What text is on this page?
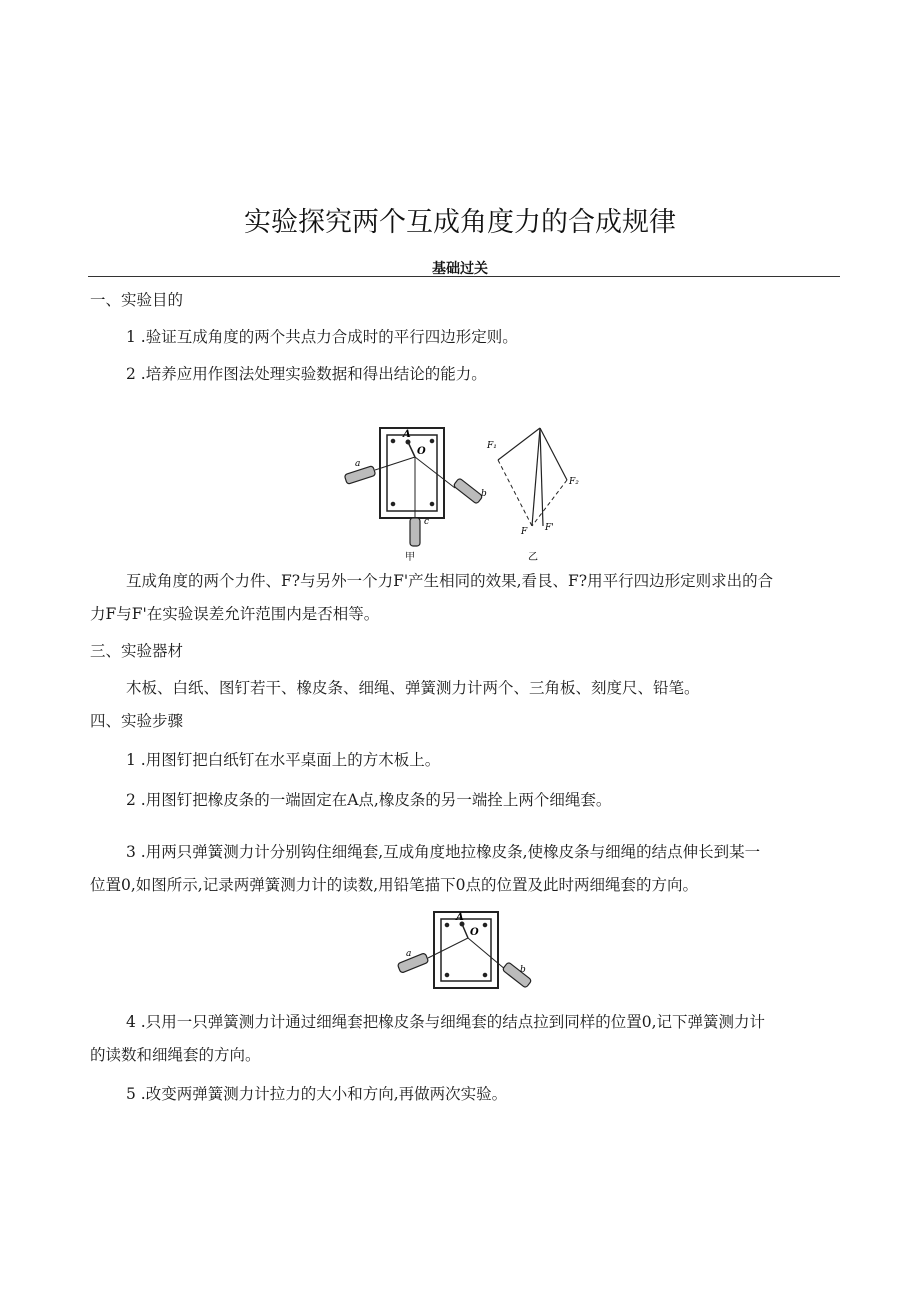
实验探究两个互成角度力的合成规律
基础过关
一、实验目的
1 .验证互成角度的两个共点力合成时的平行四边形定则。
2 .培养应用作图法处理实验数据和得出结论的能力。
A
O
a
b
c
甲
F₁
F₂
F F'
乙
互成角度的两个力件、F?与另外一个力F'产生相同的效果,看艮、F?用平行四边形定则求出的合
力F与F'在实验误差允许范围内是否相等。
三、实验器材
木板、白纸、图钉若干、橡皮条、细绳、弹簧测力计两个、三角板、刻度尺、铅笔。
四、实验步骤
1 .用图钉把白纸钉在水平桌面上的方木板上。
2 .用图钉把橡皮条的一端固定在A点,橡皮条的另一端拴上两个细绳套。
3 .用两只弹簧测力计分别钩住细绳套,互成角度地拉橡皮条,使橡皮条与细绳的结点伸长到某一
位置0,如图所示,记录两弹簧测力计的读数,用铅笔描下0点的位置及此时两细绳套的方向。
A
O
a
b
4 .只用一只弹簧测力计通过细绳套把橡皮条与细绳套的结点拉到同样的位置0,记下弹簧测力计
的读数和细绳套的方向。
5 .改变两弹簧测力计拉力的大小和方向,再做两次实验。
